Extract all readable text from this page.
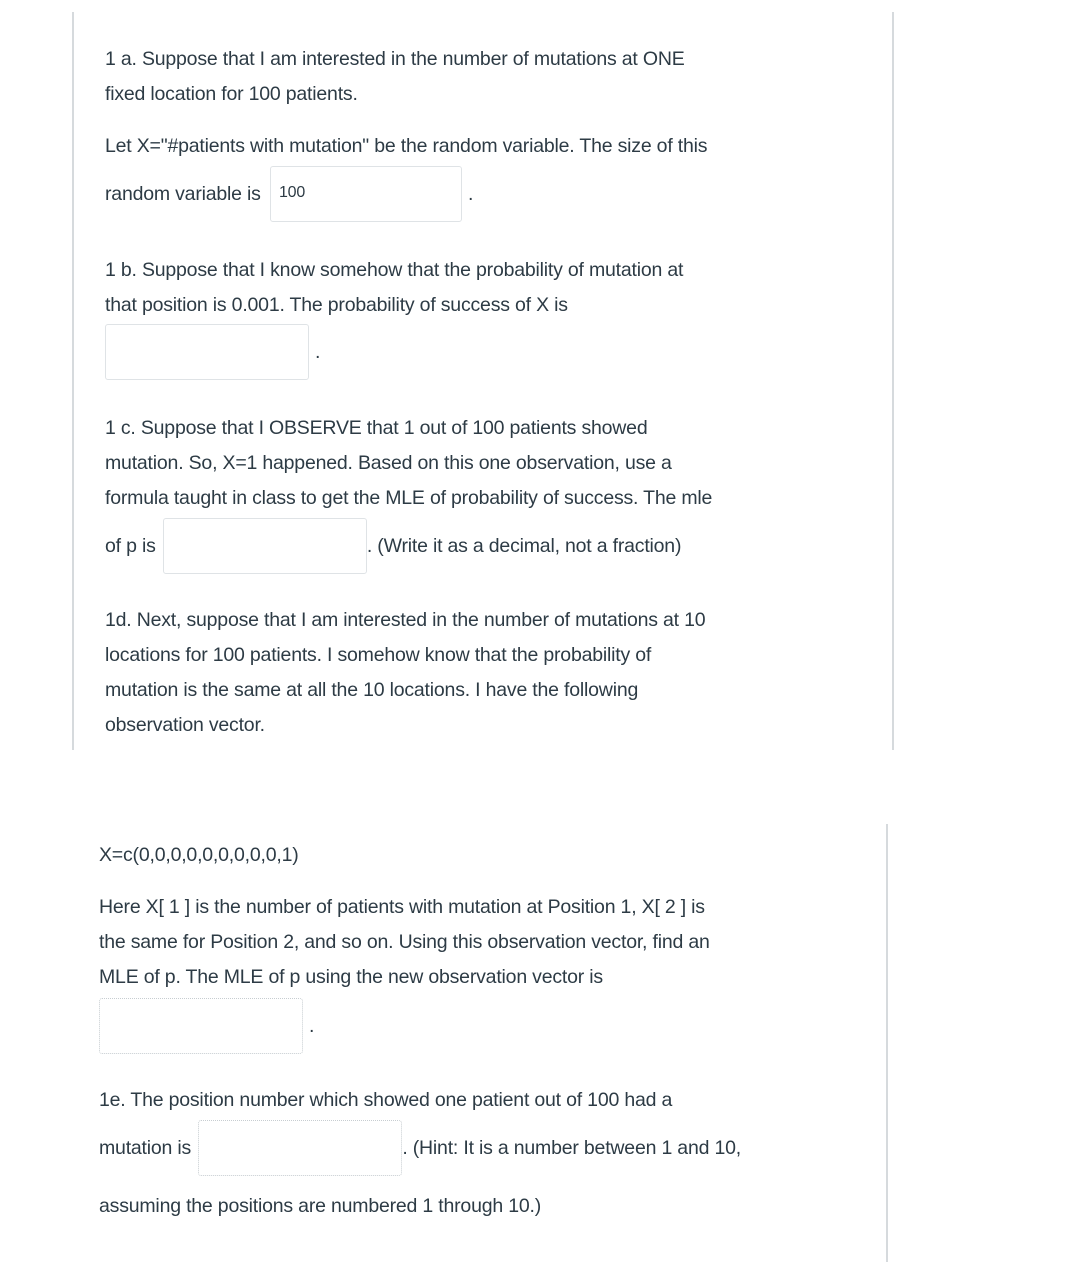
1 a. Suppose that I am interested in the number of mutations at ONE
fixed location for 100 patients.
Let X="#patients with mutation" be the random variable. The size of this
random variable is 100	.
1 b. Suppose that I know somehow that the probability of mutation at
that position is 0.001. The probability of success of X is
.
1 c. Suppose that I OBSERVE that 1 out of 100 patients showed
mutation. So, X=1 happened. Based on this one observation, use a
formula taught in class to get the MLE of probability of success. The mle
of p is	. (Write it as a decimal, not a fraction)
1d. Next, suppose that I am interested in the number of mutations at 10
locations for 100 patients. I somehow know that the probability of
mutation is the same at all the 10 locations. I have the following
observation vector.
X=c(0,0,0,0,0,0,0,0,0,1)
Here X[ 1 ] is the number of patients with mutation at Position 1, X[ 2 ] is
the same for Position 2, and so on. Using this observation vector, find an
MLE of p. The MLE of p using the new observation vector is
.
1e. The position number which showed one patient out of 100 had a
mutation is	. (Hint: It is a number between 1 and 10,
assuming the positions are numbered 1 through 10.)
